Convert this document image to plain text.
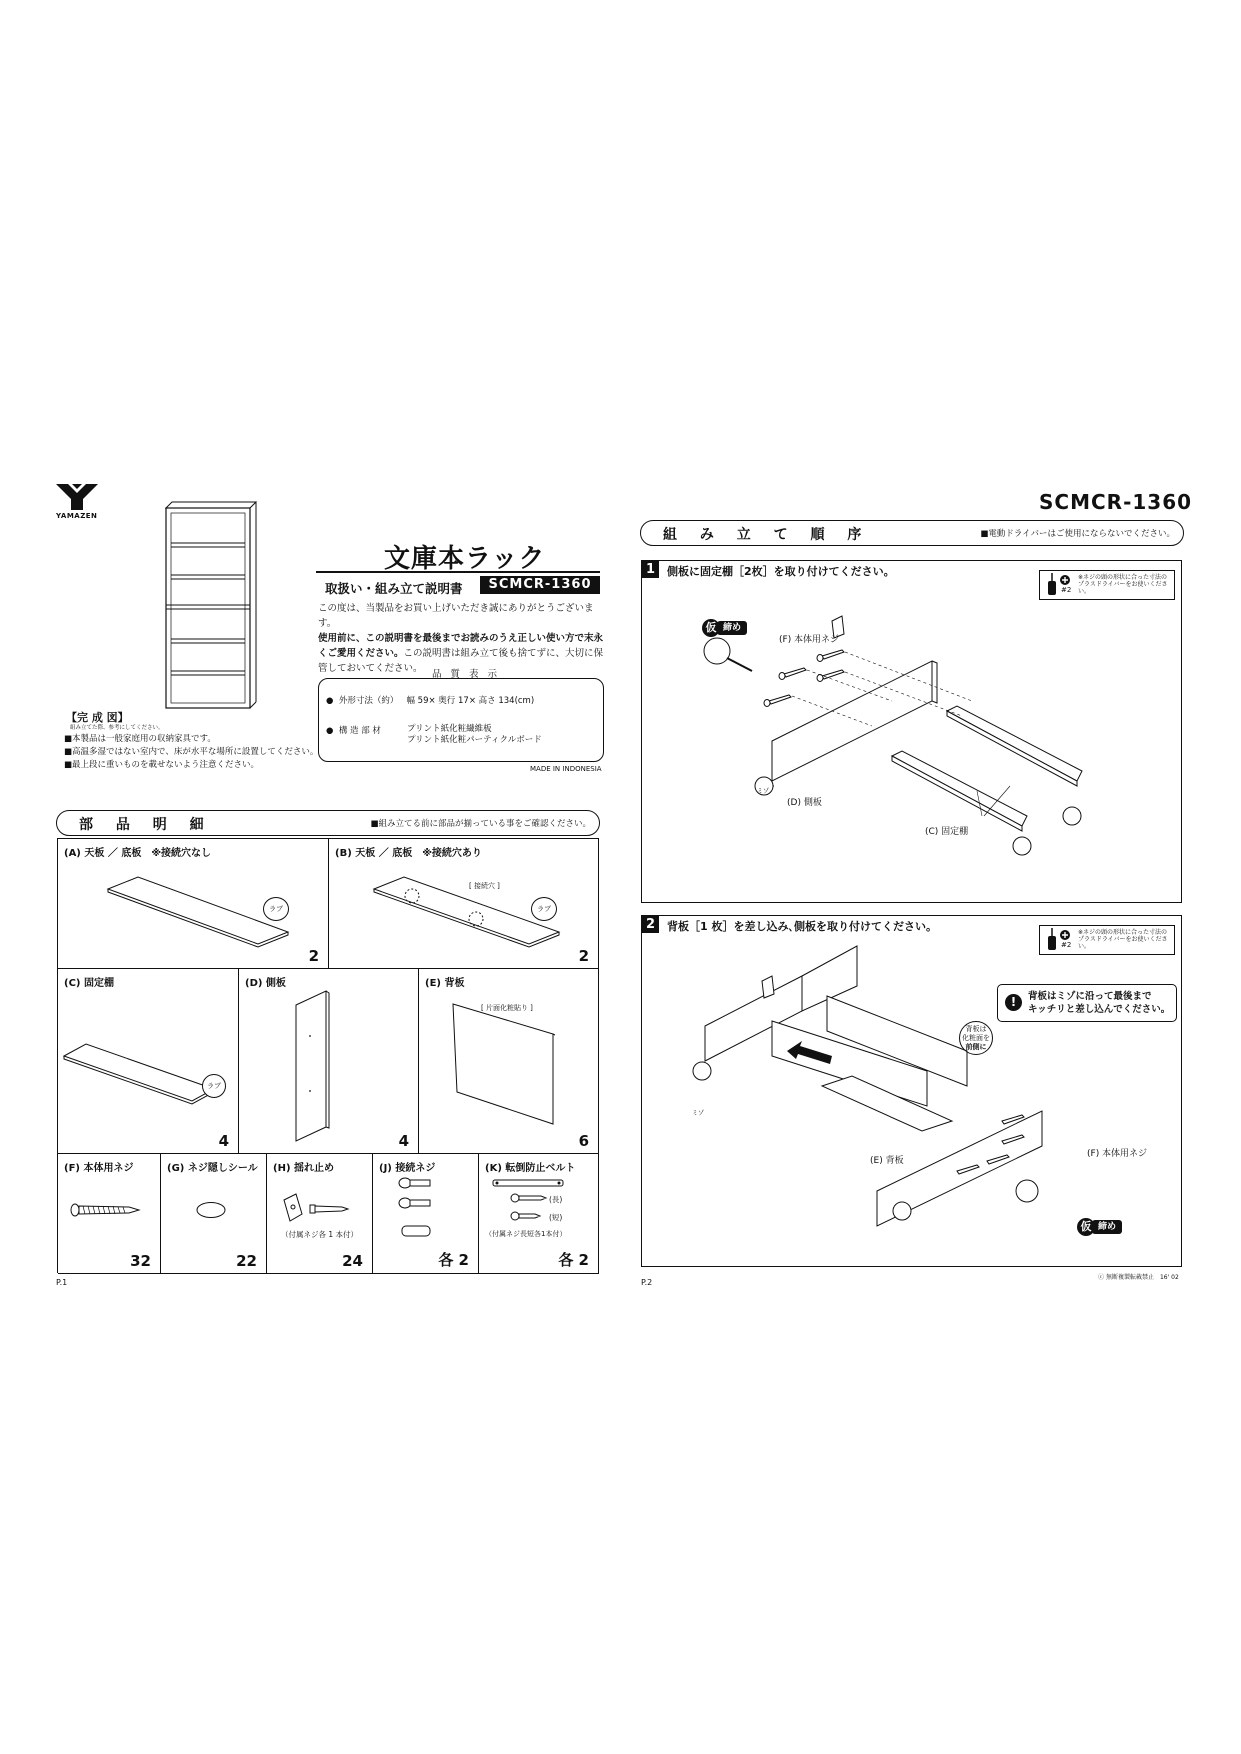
YAMAZEN
【完 成 図】
組み立てた際、参考にしてください。
■本製品は一般家庭用の収納家具です。
■高温多湿ではない室内で、床が水平な場所に設置してください。
■最上段に重いものを載せないよう注意ください。
文庫本ラック
取扱い・組み立て説明書	SCMCR-1360
この度は、当製品をお買い上げいただき誠にありがとうございます。
使用前に、この説明書を最後までお読みのうえ正しい使い方で末永
くご愛用ください。この説明書は組み立て後も捨てずに、大切に保
管しておいてください。
品 質 表 示
● 外形寸法（約） 幅 59× 奥行 17× 高さ 134(cm)
● 構 造 部 材	プリント紙化粧繊維板
プリント紙化粧パーティクルボード
MADE IN INDONESIA
部 品 明 細	■組み立てる前に部品が揃っている事をご確認ください。
(A) 天板 ／ 底板　※接続穴なし
ラブ
2
(B) 天板 ／ 底板　※接続穴あり
[ 接続穴 ]
ラブ
2
(C) 固定棚
ラブ
4
(D) 側板
4
(E) 背板
[ 片面化粧貼り ]
6
(F) 本体用ネジ
32
(G) ネジ隠しシール
22
(H) 揺れ止め
（付属ネジ各 1 本付）
24
(J) 接続ネジ
各 2
(K) 転倒防止ベルト
(長)
(短)
（付属ネジ長短各1本付）
各 2
P.1
SCMCR-1360
組 み 立 て 順 序	■電動ドライバーはご使用にならないでください。
1	側板に固定棚［2枚］を取り付けてください。
#2
※ネジの頭の形状に合った寸法のプラスドライバーをお使いください。
仮 締め
(F) 本体用ネジ
(D) 側板
(C) 固定棚
ミゾ
2	背板［1 枚］を差し込み､側板を取り付けてください。
#2
※ネジの頭の形状に合った寸法のプラスドライバーをお使いください。
!	背板はミゾに沿って最後まで
キッチリと差し込んでください。
背板は
化粧面を
前側に
(E) 背板
(F) 本体用ネジ
ミゾ
仮 締め
P.2
ⓒ 無断複製転載禁止　16' 02
